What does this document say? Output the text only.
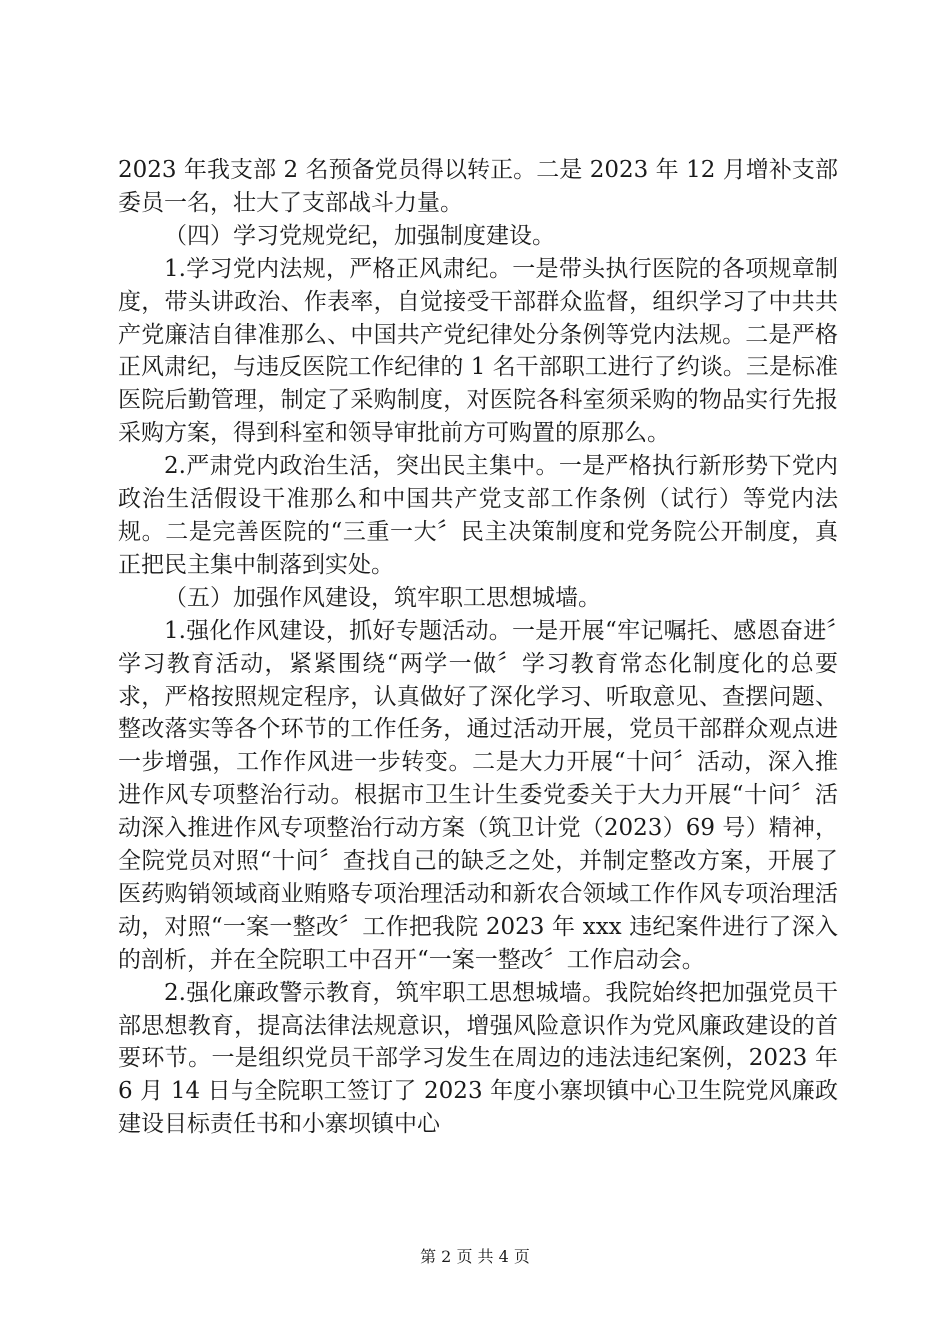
2023 年我支部 2 名预备党员得以转正。二是 2023 年 12 月增补支部委员一名，壮大了支部战斗力量。

（四）学习党规党纪，加强制度建设。

1.学习党内法规，严格正风肃纪。一是带头执行医院的各项规章制度，带头讲政治、作表率，自觉接受干部群众监督，组织学习了中共共产党廉洁自律准那么、中国共产党纪律处分条例等党内法规。二是严格正风肃纪，与违反医院工作纪律的 1 名干部职工进行了约谈。三是标准医院后勤管理，制定了采购制度，对医院各科室须采购的物品实行先报采购方案，得到科室和领导审批前方可购置的原那么。

2.严肃党内政治生活，突出民主集中。一是严格执行新形势下党内政治生活假设干准那么和中国共产党支部工作条例（试行）等党内法规。二是完善医院的“三重一大〞民主决策制度和党务院公开制度，真正把民主集中制落到实处。

（五）加强作风建设，筑牢职工思想城墙。

1.强化作风建设，抓好专题活动。一是开展“牢记嘱托、感恩奋进〞学习教育活动，紧紧围绕“两学一做〞学习教育常态化制度化的总要求，严格按照规定程序，认真做好了深化学习、听取意见、查摆问题、整改落实等各个环节的工作任务，通过活动开展，党员干部群众观点进一步增强，工作作风进一步转变。二是大力开展“十问〞活动，深入推进作风专项整治行动。根据市卫生计生委党委关于大力开展“十问〞活动深入推进作风专项整治行动方案（筑卫计党（2023）69 号）精神，全院党员对照“十问〞查找自己的缺乏之处，并制定整改方案，开展了医药购销领域商业贿赂专项治理活动和新农合领域工作作风专项治理活动，对照“一案一整改〞工作把我院 2023 年 xxx 违纪案件进行了深入的剖析，并在全院职工中召开“一案一整改〞工作启动会。

2.强化廉政警示教育，筑牢职工思想城墙。我院始终把加强党员干部思想教育，提高法律法规意识，增强风险意识作为党风廉政建设的首要环节。一是组织党员干部学习发生在周边的违法违纪案例，2023 年 6 月 14 日与全院职工签订了 2023 年度小寨坝镇中心卫生院党风廉政建设目标责任书和小寨坝镇中心

第 2 页 共 4 页
